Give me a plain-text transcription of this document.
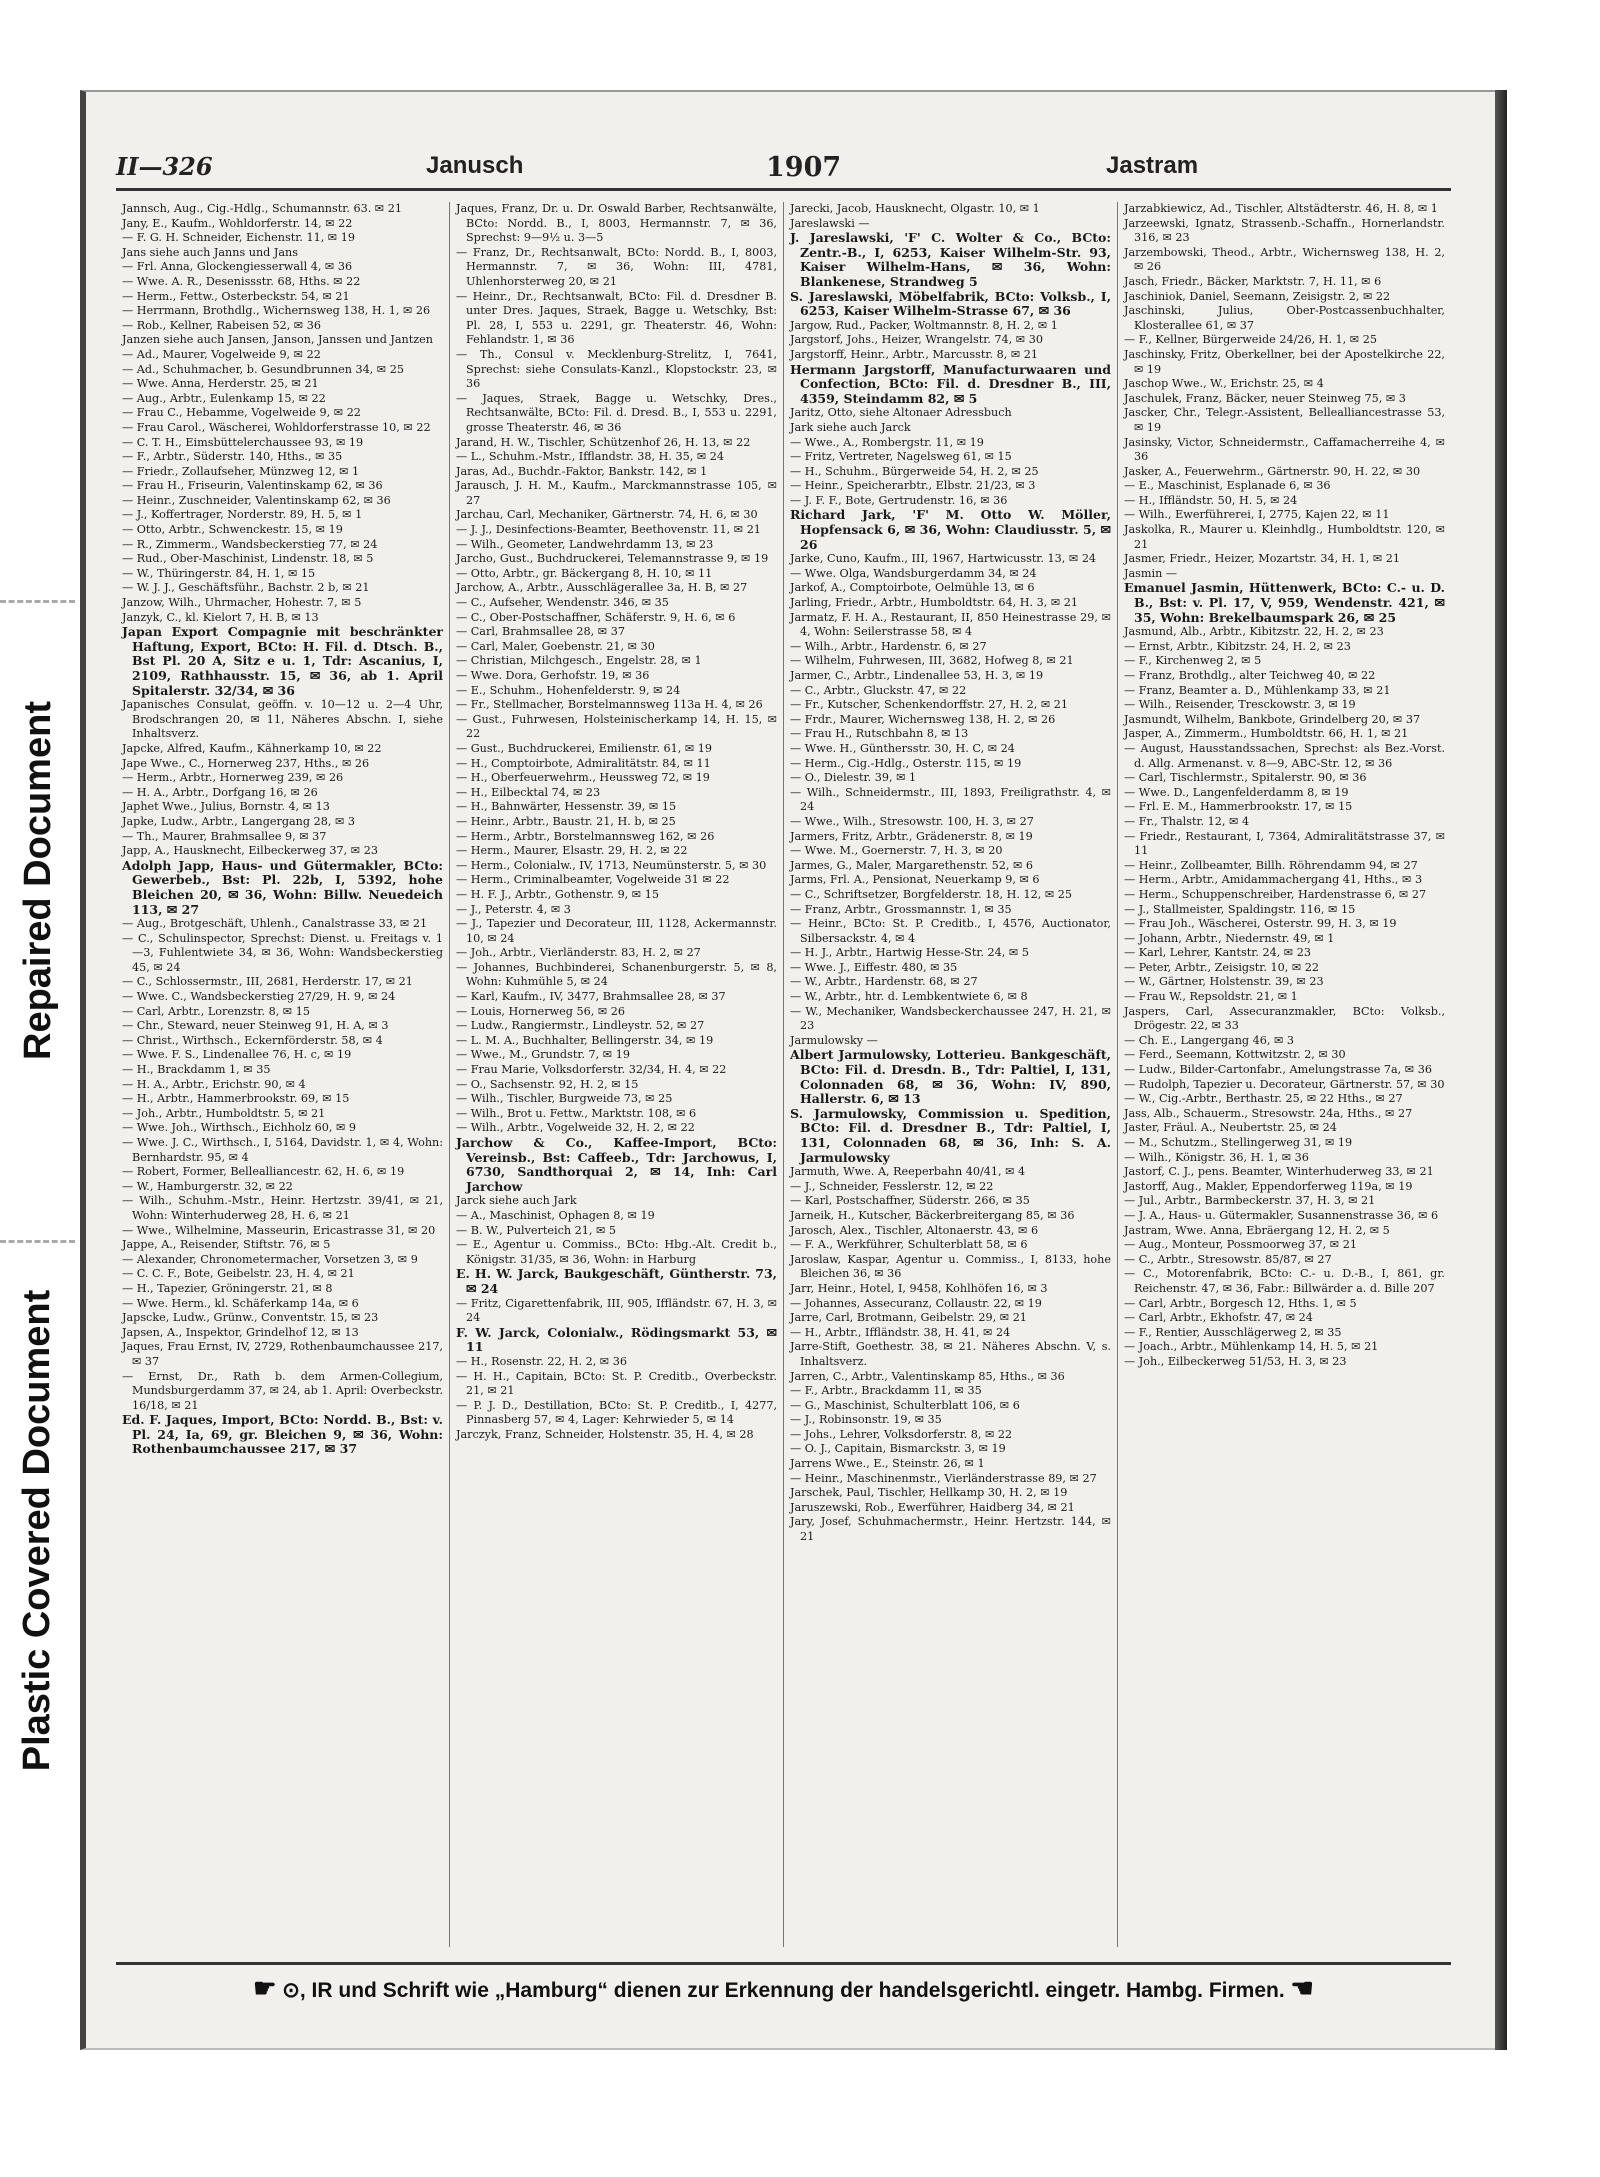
Repaired Document
Plastic Covered Document
II—326	Janusch	1907	Jastram

Jannsch, Aug., Cig.-Hdlg., Schumannstr. 63. ✉ 21

Jany, E., Kaufm., Wohldorferstr. 14, ✉ 22

— F. G. H. Schneider, Eichenstr. 11, ✉ 19

Jans siehe auch Janns und Jans

— Frl. Anna, Glockengiesserwall 4, ✉ 36

— Wwe. A. R., Desenissstr. 68, Hths. ✉ 22

— Herm., Fettw., Osterbeckstr. 54, ✉ 21

— Herrmann, Brothdlg., Wichernsweg 138, H. 1, ✉ 26

— Rob., Kellner, Rabeisen 52, ✉ 36

Janzen siehe auch Jansen, Janson, Janssen und Jantzen

— Ad., Maurer, Vogelweide 9, ✉ 22

— Ad., Schuhmacher, b. Gesundbrunnen 34, ✉ 25

— Wwe. Anna, Herderstr. 25, ✉ 21

— Aug., Arbtr., Eulenkamp 15, ✉ 22

— Frau C., Hebamme, Vogelweide 9, ✉ 22

— Frau Carol., Wäscherei, Wohldorferstrasse 10, ✉ 22

— C. T. H., Eimsbüttelerchaussee 93, ✉ 19

— F., Arbtr., Süderstr. 140, Hths., ✉ 35

— Friedr., Zollaufseher, Münzweg 12, ✉ 1

— Frau H., Friseurin, Valentinskamp 62, ✉ 36

— Heinr., Zuschneider, Valentinskamp 62, ✉ 36

— J., Koffertrager, Norderstr. 89, H. 5, ✉ 1

— Otto, Arbtr., Schwenckestr. 15, ✉ 19

— R., Zimmerm., Wandsbeckerstieg 77, ✉ 24

— Rud., Ober-Maschinist, Lindenstr. 18, ✉ 5

— W., Thüringerstr. 84, H. 1, ✉ 15

— W. J. J., Geschäftsführ., Bachstr. 2 b, ✉ 21

Janzow, Wilh., Uhrmacher, Hohestr. 7, ✉ 5

Janzyk, C., kl. Kielort 7, H. B, ✉ 13

Japan Export Compagnie mit beschränkter Haftung, Export, BCto: H. Fil. d. Dtsch. B., Bst Pl. 20 A, Sitz e u. 1, Tdr: Ascanius, I, 2109, Rathhausstr. 15, ✉ 36, ab 1. April Spitalerstr. 32/34, ✉ 36

Japanisches Consulat, geöffn. v. 10—12 u. 2—4 Uhr, Brodschrangen 20, ✉ 11, Näheres Abschn. I, siehe Inhaltsverz.

Japcke, Alfred, Kaufm., Kähnerkamp 10, ✉ 22

Jape Wwe., C., Hornerweg 237, Hths., ✉ 26

— Herm., Arbtr., Hornerweg 239, ✉ 26

— H. A., Arbtr., Dorfgang 16, ✉ 26

Japhet Wwe., Julius, Bornstr. 4, ✉ 13

Japke, Ludw., Arbtr., Langergang 28, ✉ 3

— Th., Maurer, Brahmsallee 9, ✉ 37

Japp, A., Hausknecht, Eilbeckerweg 37, ✉ 23

Adolph Japp, Haus- und Gütermakler, BCto: Gewerbeb., Bst: Pl. 22b, I, 5392, hohe Bleichen 20, ✉ 36, Wohn: Billw. Neuedeich 113, ✉ 27

— Aug., Brotgeschäft, Uhlenh., Canalstrasse 33, ✉ 21

— C., Schulinspector, Sprechst: Dienst. u. Freitags v. 1—3, Fuhlentwiete 34, ✉ 36, Wohn: Wandsbeckerstieg 45, ✉ 24

— C., Schlossermstr., III, 2681, Herderstr. 17, ✉ 21

— Wwe. C., Wandsbeckerstieg 27/29, H. 9, ✉ 24

— Carl, Arbtr., Lorenzstr. 8, ✉ 15

— Chr., Steward, neuer Steinweg 91, H. A, ✉ 3

— Christ., Wirthsch., Eckernförderstr. 58, ✉ 4

— Wwe. F. S., Lindenallee 76, H. c, ✉ 19

— H., Brackdamm 1, ✉ 35

— H. A., Arbtr., Erichstr. 90, ✉ 4

— H., Arbtr., Hammerbrookstr. 69, ✉ 15

— Joh., Arbtr., Humboldtstr. 5, ✉ 21

— Wwe. Joh., Wirthsch., Eichholz 60, ✉ 9

— Wwe. J. C., Wirthsch., I, 5164, Davidstr. 1, ✉ 4, Wohn: Bernhardstr. 95, ✉ 4

— Robert, Former, Bellealliancestr. 62, H. 6, ✉ 19

— W., Hamburgerstr. 32, ✉ 22

— Wilh., Schuhm.-Mstr., Heinr. Hertzstr. 39/41, ✉ 21, Wohn: Winterhuderweg 28, H. 6, ✉ 21

— Wwe., Wilhelmine, Masseurin, Ericastrasse 31, ✉ 20

Jappe, A., Reisender, Stiftstr. 76, ✉ 5

— Alexander, Chronometermacher, Vorsetzen 3, ✉ 9

— C. C. F., Bote, Geibelstr. 23, H. 4, ✉ 21

— H., Tapezier, Gröningerstr. 21, ✉ 8

— Wwe. Herm., kl. Schäferkamp 14a, ✉ 6

Japscke, Ludw., Grünw., Conventstr. 15, ✉ 23

Japsen, A., Inspektor, Grindelhof 12, ✉ 13

Jaques, Frau Ernst, IV, 2729, Rothenbaumchaussee 217, ✉ 37

— Ernst, Dr., Rath b. dem Armen-Collegium, Mundsburgerdamm 37, ✉ 24, ab 1. April: Overbeckstr. 16/18, ✉ 21

Ed. F. Jaques, Import, BCto: Nordd. B., Bst: v. Pl. 24, Ia, 69, gr. Bleichen 9, ✉ 36, Wohn: Rothenbaumchaussee 217, ✉ 37

Jaques, Franz, Dr. u. Dr. Oswald Barber, Rechtsanwälte, BCto: Nordd. B., I, 8003, Hermannstr. 7, ✉ 36, Sprechst: 9—9½ u. 3—5

— Franz, Dr., Rechtsanwalt, BCto: Nordd. B., I, 8003, Hermannstr. 7, ✉ 36, Wohn: III, 4781, Uhlenhorsterweg 20, ✉ 21

— Heinr., Dr., Rechtsanwalt, BCto: Fil. d. Dresdner B. unter Dres. Jaques, Straek, Bagge u. Wetschky, Bst: Pl. 28, I, 553 u. 2291, gr. Theaterstr. 46, Wohn: Fehlandstr. 1, ✉ 36

— Th., Consul v. Mecklenburg-Strelitz, I, 7641, Sprechst: siehe Consulats-Kanzl., Klopstockstr. 23, ✉ 36

— Jaques, Straek, Bagge u. Wetschky, Dres., Rechtsanwälte, BCto: Fil. d. Dresd. B., I, 553 u. 2291, grosse Theaterstr. 46, ✉ 36

Jarand, H. W., Tischler, Schützenhof 26, H. 13, ✉ 22

— L., Schuhm.-Mstr., Ifflandstr. 38, H. 35, ✉ 24

Jaras, Ad., Buchdr.-Faktor, Bankstr. 142, ✉ 1

Jarausch, J. H. M., Kaufm., Marckmannstrasse 105, ✉ 27

Jarchau, Carl, Mechaniker, Gärtnerstr. 74, H. 6, ✉ 30

— J. J., Desinfections-Beamter, Beethovenstr. 11, ✉ 21

— Wilh., Geometer, Landwehrdamm 13, ✉ 23

Jarcho, Gust., Buchdruckerei, Telemannstrasse 9, ✉ 19

— Otto, Arbtr., gr. Bäckergang 8, H. 10, ✉ 11

Jarchow, A., Arbtr., Ausschlägerallee 3a, H. B, ✉ 27

— C., Aufseher, Wendenstr. 346, ✉ 35

— C., Ober-Postschaffner, Schäferstr. 9, H. 6, ✉ 6

— Carl, Brahmsallee 28, ✉ 37

— Carl, Maler, Goebenstr. 21, ✉ 30

— Christian, Milchgesch., Engelstr. 28, ✉ 1

— Wwe. Dora, Gerhofstr. 19, ✉ 36

— E., Schuhm., Hohenfelderstr. 9, ✉ 24

— Fr., Stellmacher, Borstelmannsweg 113a H. 4, ✉ 26

— Gust., Fuhrwesen, Holsteinischerkamp 14, H. 15, ✉ 22

— Gust., Buchdruckerei, Emilienstr. 61, ✉ 19

— H., Comptoirbote, Admiralitätstr. 84, ✉ 11

— H., Oberfeuerwehrm., Heussweg 72, ✉ 19

— H., Eilbecktal 74, ✉ 23

— H., Bahnwärter, Hessenstr. 39, ✉ 15

— Heinr., Arbtr., Baustr. 21, H. b, ✉ 25

— Herm., Arbtr., Borstelmannsweg 162, ✉ 26

— Herm., Maurer, Elsastr. 29, H. 2, ✉ 22

— Herm., Colonialw., IV, 1713, Neumünsterstr. 5, ✉ 30

— Herm., Criminalbeamter, Vogelweide 31 ✉ 22

— H. F. J., Arbtr., Gothenstr. 9, ✉ 15

— J., Peterstr. 4, ✉ 3

— J., Tapezier und Decorateur, III, 1128, Ackermannstr. 10, ✉ 24

— Joh., Arbtr., Vierländerstr. 83, H. 2, ✉ 27

— Johannes, Buchbinderei, Schanenburgerstr. 5, ✉ 8, Wohn: Kuhmühle 5, ✉ 24

— Karl, Kaufm., IV, 3477, Brahmsallee 28, ✉ 37

— Louis, Hornerweg 56, ✉ 26

— Ludw., Rangiermstr., Lindleystr. 52, ✉ 27

— L. M. A., Buchhalter, Bellingerstr. 34, ✉ 19

— Wwe., M., Grundstr. 7, ✉ 19

— Frau Marie, Volksdorferstr. 32/34, H. 4, ✉ 22

— O., Sachsenstr. 92, H. 2, ✉ 15

— Wilh., Tischler, Burgweide 73, ✉ 25

— Wilh., Brot u. Fettw., Marktstr. 108, ✉ 6

— Wilh., Arbtr., Vogelweide 32, H. 2, ✉ 22

Jarchow & Co., Kaffee-Import, BCto: Vereinsb., Bst: Caffeeb., Tdr: Jarchowus, I, 6730, Sandthorquai 2, ✉ 14, Inh: Carl Jarchow

Jarck siehe auch Jark

— A., Maschinist, Ophagen 8, ✉ 19

— B. W., Pulverteich 21, ✉ 5

— E., Agentur u. Commiss., BCto: Hbg.-Alt. Credit b., Königstr. 31/35, ✉ 36, Wohn: in Harburg

E. H. W. Jarck, Baukgeschäft, Güntherstr. 73, ✉ 24

— Fritz, Cigarettenfabrik, III, 905, Iffländstr. 67, H. 3, ✉ 24

F. W. Jarck, Colonialw., Rödingsmarkt 53, ✉ 11

— H., Rosenstr. 22, H. 2, ✉ 36

— H. H., Capitain, BCto: St. P. Creditb., Overbeckstr. 21, ✉ 21

— P. J. D., Destillation, BCto: St. P. Creditb., I, 4277, Pinnasberg 57, ✉ 4, Lager: Kehrwieder 5, ✉ 14

Jarczyk, Franz, Schneider, Holstenstr. 35, H. 4, ✉ 28

Jarecki, Jacob, Hausknecht, Olgastr. 10, ✉ 1

Jareslawski —

J. Jareslawski, 'F' C. Wolter & Co., BCto: Zentr.-B., I, 6253, Kaiser Wilhelm-Str. 93, Kaiser Wilhelm-Hans, ✉ 36, Wohn: Blankenese, Strandweg 5

S. Jareslawski, Möbelfabrik, BCto: Volksb., I, 6253, Kaiser Wilhelm-Strasse 67, ✉ 36

Jargow, Rud., Packer, Woltmannstr. 8, H. 2, ✉ 1

Jargstorf, Johs., Heizer, Wrangelstr. 74, ✉ 30

Jargstorff, Heinr., Arbtr., Marcusstr. 8, ✉ 21

Hermann Jargstorff, Manufacturwaaren und Confection, BCto: Fil. d. Dresdner B., III, 4359, Steindamm 82, ✉ 5

Jaritz, Otto, siehe Altonaer Adressbuch

Jark siehe auch Jarck

— Wwe., A., Rombergstr. 11, ✉ 19

— Fritz, Vertreter, Nagelsweg 61, ✉ 15

— H., Schuhm., Bürgerweide 54, H. 2, ✉ 25

— Heinr., Speicherarbtr., Elbstr. 21/23, ✉ 3

— J. F. F., Bote, Gertrudenstr. 16, ✉ 36

Richard Jark, 'F' M. Otto W. Möller, Hopfensack 6, ✉ 36, Wohn: Claudiusstr. 5, ✉ 26

Jarke, Cuno, Kaufm., III, 1967, Hartwicusstr. 13, ✉ 24

— Wwe. Olga, Wandsburgerdamm 34, ✉ 24

Jarkof, A., Comptoirbote, Oelmühle 13, ✉ 6

Jarling, Friedr., Arbtr., Humboldtstr. 64, H. 3, ✉ 21

Jarmatz, F. H. A., Restaurant, II, 850 Heinestrasse 29, ✉ 4, Wohn: Seilerstrasse 58, ✉ 4

— Wilh., Arbtr., Hardenstr. 6, ✉ 27

— Wilhelm, Fuhrwesen, III, 3682, Hofweg 8, ✉ 21

Jarmer, C., Arbtr., Lindenallee 53, H. 3, ✉ 19

— C., Arbtr., Gluckstr. 47, ✉ 22

— Fr., Kutscher, Schenkendorffstr. 27, H. 2, ✉ 21

— Frdr., Maurer, Wichernsweg 138, H. 2, ✉ 26

— Frau H., Rutschbahn 8, ✉ 13

— Wwe. H., Günthersstr. 30, H. C, ✉ 24

— Herm., Cig.-Hdlg., Osterstr. 115, ✉ 19

— O., Dielestr. 39, ✉ 1

— Wilh., Schneidermstr., III, 1893, Freiligrathstr. 4, ✉ 24

— Wwe., Wilh., Stresowstr. 100, H. 3, ✉ 27

Jarmers, Fritz, Arbtr., Grädenerstr. 8, ✉ 19

— Wwe. M., Goernerstr. 7, H. 3, ✉ 20

Jarmes, G., Maler, Margarethenstr. 52, ✉ 6

Jarms, Frl. A., Pensionat, Neuerkamp 9, ✉ 6

— C., Schriftsetzer, Borgfelderstr. 18, H. 12, ✉ 25

— Franz, Arbtr., Grossmannstr. 1, ✉ 35

— Heinr., BCto: St. P. Creditb., I, 4576, Auctionator, Silbersackstr. 4, ✉ 4

— H. J., Arbtr., Hartwig Hesse-Str. 24, ✉ 5

— Wwe. J., Eiffestr. 480, ✉ 35

— W., Arbtr., Hardenstr. 68, ✉ 27

— W., Arbtr., htr. d. Lembkentwiete 6, ✉ 8

— W., Mechaniker, Wandsbeckerchaussee 247, H. 21, ✉ 23

Jarmulowsky —

Albert Jarmulowsky, Lotterieu. Bankgeschäft, BCto: Fil. d. Dresdn. B., Tdr: Paltiel, I, 131, Colonnaden 68, ✉ 36, Wohn: IV, 890, Hallerstr. 6, ✉ 13

S. Jarmulowsky, Commission u. Spedition, BCto: Fil. d. Dresdner B., Tdr: Paltiel, I, 131, Colonnaden 68, ✉ 36, Inh: S. A. Jarmulowsky

Jarmuth, Wwe. A, Reeperbahn 40/41, ✉ 4

— J., Schneider, Fesslerstr. 12, ✉ 22

— Karl, Postschaffner, Süderstr. 266, ✉ 35

Jarneik, H., Kutscher, Bäckerbreitergang 85, ✉ 36

Jarosch, Alex., Tischler, Altonaerstr. 43, ✉ 6

— F. A., Werkführer, Schulterblatt 58, ✉ 6

Jaroslaw, Kaspar, Agentur u. Commiss., I, 8133, hohe Bleichen 36, ✉ 36

Jarr, Heinr., Hotel, I, 9458, Kohlhöfen 16, ✉ 3

— Johannes, Assecuranz, Collaustr. 22, ✉ 19

Jarre, Carl, Brotmann, Geibelstr. 29, ✉ 21

— H., Arbtr., Iffländstr. 38, H. 41, ✉ 24

Jarre-Stift, Goethestr. 38, ✉ 21. Näheres Abschn. V, s. Inhaltsverz.

Jarren, C., Arbtr., Valentinskamp 85, Hths., ✉ 36

— F., Arbtr., Brackdamm 11, ✉ 35

— G., Maschinist, Schulterblatt 106, ✉ 6

— J., Robinsonstr. 19, ✉ 35

— Johs., Lehrer, Volksdorferstr. 8, ✉ 22

— O. J., Capitain, Bismarckstr. 3, ✉ 19

Jarrens Wwe., E., Steinstr. 26, ✉ 1

— Heinr., Maschinenmstr., Vierländerstrasse 89, ✉ 27

Jarschek, Paul, Tischler, Hellkamp 30, H. 2, ✉ 19

Jaruszewski, Rob., Ewerführer, Haidberg 34, ✉ 21

Jary, Josef, Schuhmachermstr., Heinr. Hertzstr. 144, ✉ 21

Jarzabkiewicz, Ad., Tischler, Altstädterstr. 46, H. 8, ✉ 1

Jarzeewski, Ignatz, Strassenb.-Schaffn., Hornerlandstr. 316, ✉ 23

Jarzembowski, Theod., Arbtr., Wichernsweg 138, H. 2, ✉ 26

Jasch, Friedr., Bäcker, Marktstr. 7, H. 11, ✉ 6

Jaschiniok, Daniel, Seemann, Zeisigstr. 2, ✉ 22

Jaschinski, Julius, Ober-Postcassenbuchhalter, Klosterallee 61, ✉ 37

— F., Kellner, Bürgerweide 24/26, H. 1, ✉ 25

Jaschinsky, Fritz, Oberkellner, bei der Apostelkirche 22, ✉ 19

Jaschop Wwe., W., Erichstr. 25, ✉ 4

Jaschulek, Franz, Bäcker, neuer Steinweg 75, ✉ 3

Jascker, Chr., Telegr.-Assistent, Bellealliancestrasse 53, ✉ 19

Jasinsky, Victor, Schneidermstr., Caffamacherreihe 4, ✉ 36

Jasker, A., Feuerwehrm., Gärtnerstr. 90, H. 22, ✉ 30

— E., Maschinist, Esplanade 6, ✉ 36

— H., Iffländstr. 50, H. 5, ✉ 24

— Wilh., Ewerführerei, I, 2775, Kajen 22, ✉ 11

Jaskolka, R., Maurer u. Kleinhdlg., Humboldtstr. 120, ✉ 21

Jasmer, Friedr., Heizer, Mozartstr. 34, H. 1, ✉ 21

Jasmin —

Emanuel Jasmin, Hüttenwerk, BCto: C.- u. D. B., Bst: v. Pl. 17, V, 959, Wendenstr. 421, ✉ 35, Wohn: Brekelbaumspark 26, ✉ 25

Jasmund, Alb., Arbtr., Kibitzstr. 22, H. 2, ✉ 23

— Ernst, Arbtr., Kibitzstr. 24, H. 2, ✉ 23

— F., Kirchenweg 2, ✉ 5

— Franz, Brothdlg., alter Teichweg 40, ✉ 22

— Franz, Beamter a. D., Mühlenkamp 33, ✉ 21

— Wilh., Reisender, Tresckowstr. 3, ✉ 19

Jasmundt, Wilhelm, Bankbote, Grindelberg 20, ✉ 37

Jasper, A., Zimmerm., Humboldtstr. 66, H. 1, ✉ 21

— August, Hausstandssachen, Sprechst: als Bez.-Vorst. d. Allg. Armenanst. v. 8—9, ABC-Str. 12, ✉ 36

— Carl, Tischlermstr., Spitalerstr. 90, ✉ 36

— Wwe. D., Langenfelderdamm 8, ✉ 19

— Frl. E. M., Hammerbrookstr. 17, ✉ 15

— Fr., Thalstr. 12, ✉ 4

— Friedr., Restaurant, I, 7364, Admiralitätstrasse 37, ✉ 11

— Heinr., Zollbeamter, Billh. Röhrendamm 94, ✉ 27

— Herm., Arbtr., Amidammachergang 41, Hths., ✉ 3

— Herm., Schuppenschreiber, Hardenstrasse 6, ✉ 27

— J., Stallmeister, Spaldingstr. 116, ✉ 15

— Frau Joh., Wäscherei, Osterstr. 99, H. 3, ✉ 19

— Johann, Arbtr., Niedernstr. 49, ✉ 1

— Karl, Lehrer, Kantstr. 24, ✉ 23

— Peter, Arbtr., Zeisigstr. 10, ✉ 22

— W., Gärtner, Holstenstr. 39, ✉ 23

— Frau W., Repsoldstr. 21, ✉ 1

Jaspers, Carl, Assecuranzmakler, BCto: Volksb., Drögestr. 22, ✉ 33

— Ch. E., Langergang 46, ✉ 3

— Ferd., Seemann, Kottwitzstr. 2, ✉ 30

— Ludw., Bilder-Cartonfabr., Amelungstrasse 7a, ✉ 36

— Rudolph, Tapezier u. Decorateur, Gärtnerstr. 57, ✉ 30

— W., Cig.-Arbtr., Berthastr. 25, ✉ 22 Hths., ✉ 27

Jass, Alb., Schauerm., Stresowstr. 24a, Hths., ✉ 27

Jaster, Fräul. A., Neubertstr. 25, ✉ 24

— M., Schutzm., Stellingerweg 31, ✉ 19

— Wilh., Königstr. 36, H. 1, ✉ 36

Jastorf, C. J., pens. Beamter, Winterhuderweg 33, ✉ 21

Jastorff, Aug., Makler, Eppendorferweg 119a, ✉ 19

— Jul., Arbtr., Barmbeckerstr. 37, H. 3, ✉ 21

— J. A., Haus- u. Gütermakler, Susannenstrasse 36, ✉ 6

Jastram, Wwe. Anna, Ebräergang 12, H. 2, ✉ 5

— Aug., Monteur, Possmoorweg 37, ✉ 21

— C., Arbtr., Stresowstr. 85/87, ✉ 27

— C., Motorenfabrik, BCto: C.- u. D.-B., I, 861, gr. Reichenstr. 47, ✉ 36, Fabr.: Billwärder a. d. Bille 207

— Carl, Arbtr., Borgesch 12, Hths. 1, ✉ 5

— Carl, Arbtr., Ekhofstr. 47, ✉ 24

— F., Rentier, Ausschlägerweg 2, ✉ 35

— Joach., Arbtr., Mühlenkamp 14, H. 5, ✉ 21

— Joh., Eilbeckerweg 51/53, H. 3, ✉ 23

☛ ⊙, IR und Schrift wie „Hamburg“ dienen zur Erkennung der handelsgerichtl. eingetr. Hambg. Firmen. ☚
